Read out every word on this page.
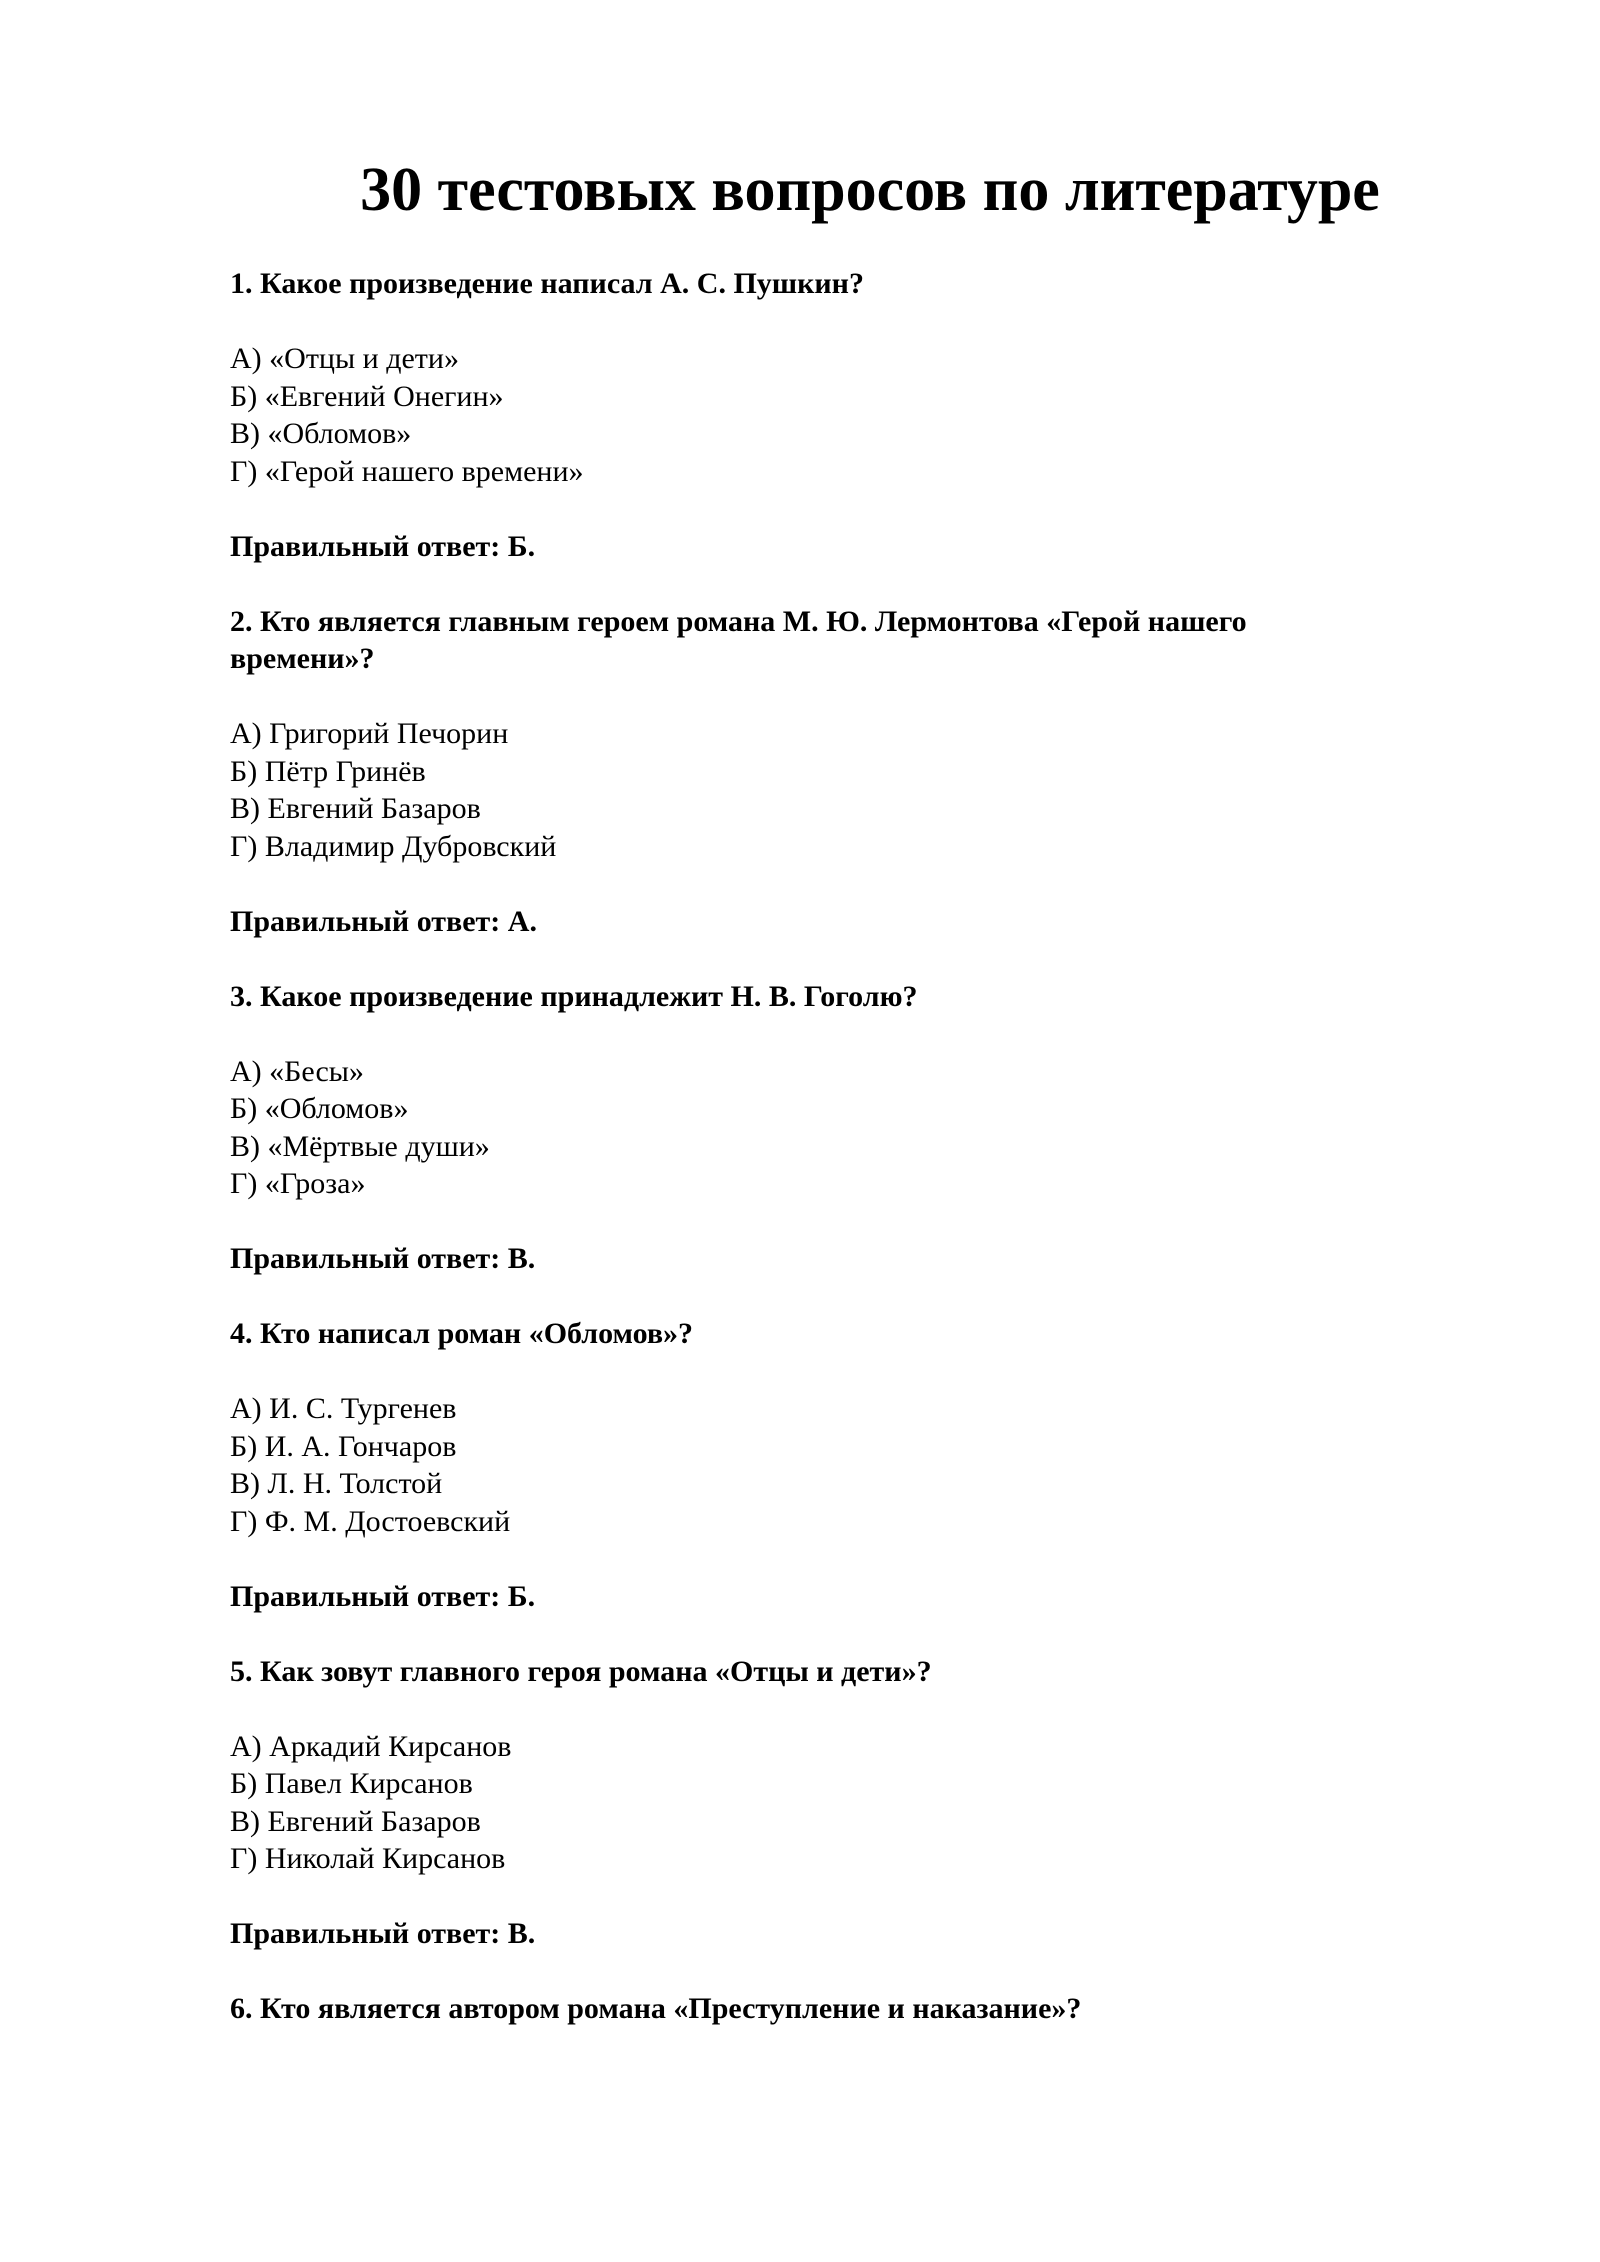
30 тестовых вопросов по литературе

1. Какое произведение написал А. С. Пушкин?

А) «Отцы и дети»

Б) «Евгений Онегин»

В) «Обломов»

Г) «Герой нашего времени»

Правильный ответ: Б.

2. Кто является главным героем романа М. Ю. Лермонтова «Герой нашего времени»?

А) Григорий Печорин

Б) Пётр Гринёв

В) Евгений Базаров

Г) Владимир Дубровский

Правильный ответ: А.

3. Какое произведение принадлежит Н. В. Гоголю?

А) «Бесы»

Б) «Обломов»

В) «Мёртвые души»

Г) «Гроза»

Правильный ответ: В.

4. Кто написал роман «Обломов»?

А) И. С. Тургенев

Б) И. А. Гончаров

В) Л. Н. Толстой

Г) Ф. М. Достоевский

Правильный ответ: Б.

5. Как зовут главного героя романа «Отцы и дети»?

А) Аркадий Кирсанов

Б) Павел Кирсанов

В) Евгений Базаров

Г) Николай Кирсанов

Правильный ответ: В.

6. Кто является автором романа «Преступление и наказание»?
